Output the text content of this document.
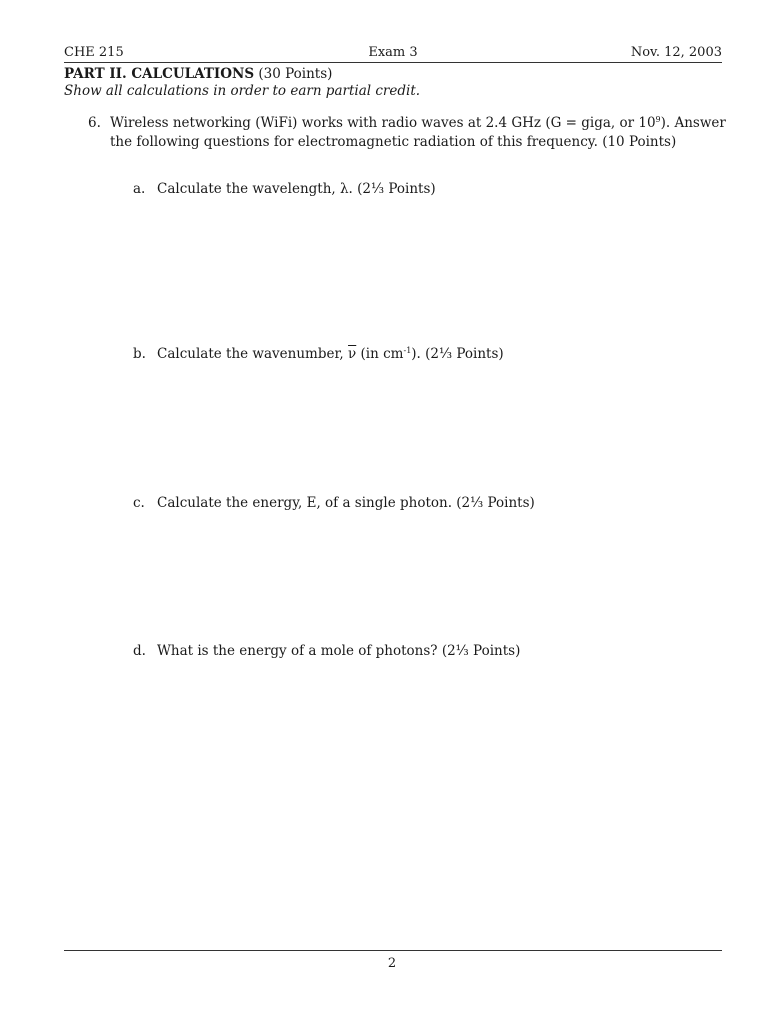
CHE 215	Exam 3	Nov. 12, 2003
PART II. CALCULATIONS (30 Points)
Show all calculations in order to earn partial credit.
6. Wireless networking (WiFi) works with radio waves at 2.4 GHz (G = giga, or $10^9$). Answer the following questions for electromagnetic radiation of this frequency. (10 Points)
a. Calculate the wavelength, λ. (2⅓ Points)
b. Calculate the wavenumber, $\overline{\nu}$ (in $cm^{-1}$). (2⅓ Points)
c. Calculate the energy, E, of a single photon. (2⅓ Points)
d. What is the energy of a mole of photons? (2⅓ Points)
2
